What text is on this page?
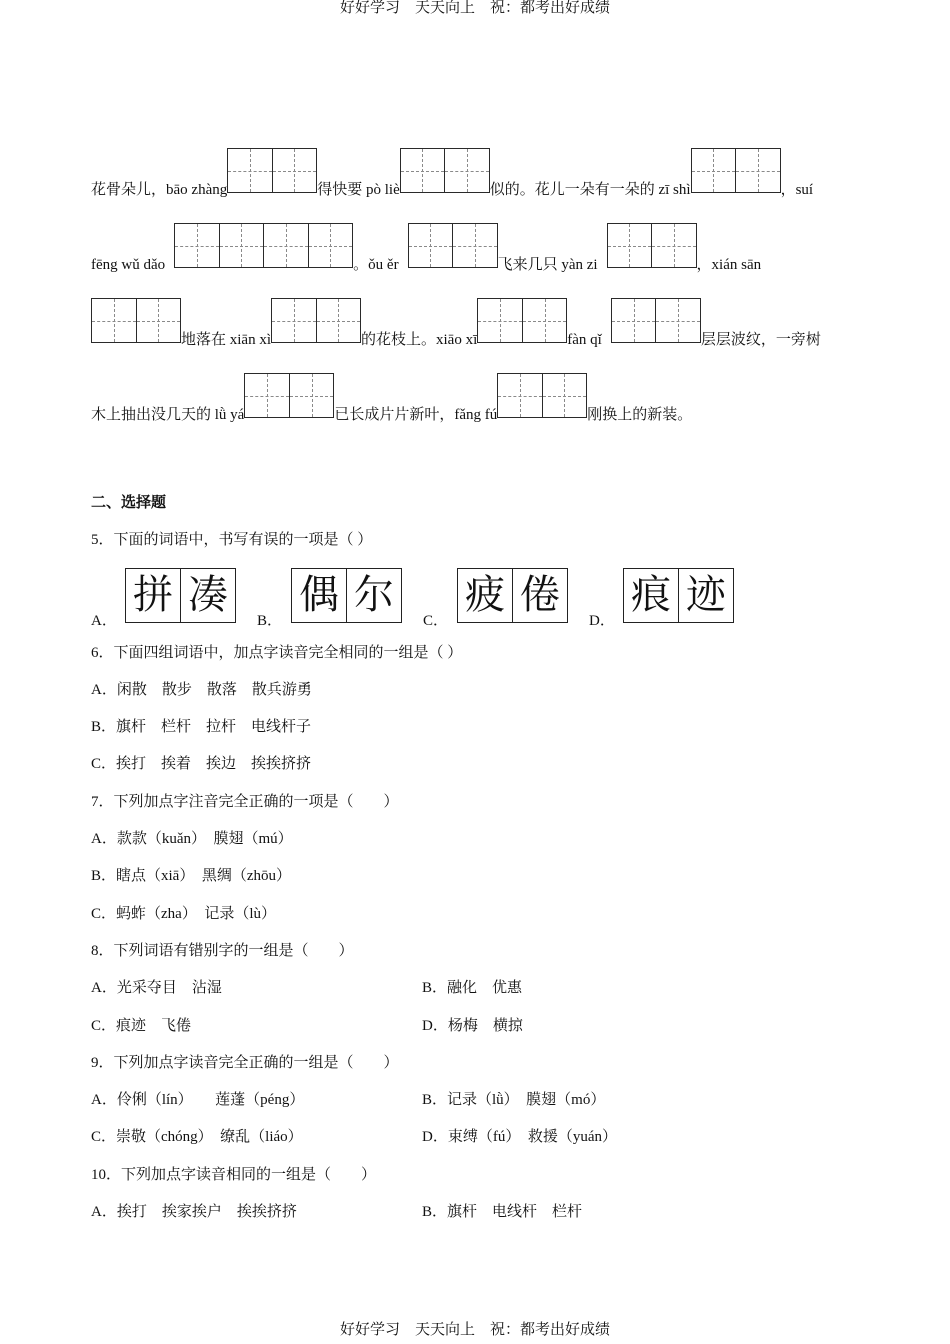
好好学习　天天向上　祝：都考出好成绩
花骨朵儿，bāo zhàng	得快要 pò liè	似的。花儿一朵有一朵的 zī shì	，suí
fēng wǔ dǎo	。ǒu ěr	飞来几只 yàn zi	，xián sān
地落在 xiān xì	的花枝上。xiāo xī	fàn qǐ	层层波纹，一旁树
木上抽出没几天的 lǜ yá	已长成片片新叶，fǎng fú	刚换上的新装。
二、选择题
5．下面的词语中，书写有误的一项是（ ）
A．
拼 凑
B．
偶 尔
C．
疲 倦
D．
痕 迹
6．下面四组词语中，加点字读音完全相同的一组是（ ）
A．闲散　散步　散落　散兵游勇
B．旗杆　栏杆　拉杆　电线杆子
C．挨打　挨着　挨边　挨挨挤挤
7．下列加点字注音完全正确的一项是（　　）
A．款款（kuǎn）　膜翅（mú）
B．瞎点（xiā）　黑绸（zhōu）
C．蚂蚱（zha）　记录（lù）
8．下列词语有错别字的一组是（　　）
A．光采夺目　沾湿	B．融化　优惠
C．痕迹　飞倦	D．杨梅　横掠
9．下列加点字读音完全正确的一组是（　　）
A．伶俐（lín）　　莲蓬（péng）	B．记录（lǜ）　膜翅（mó）
C．崇敬（chóng）　缭乱（liáo）	D．束缚（fú）　救援（yuán）
10．下列加点字读音相同的一组是（　　）
A．挨打　挨家挨户　挨挨挤挤	B．旗杆　电线杆　栏杆
好好学习　天天向上　祝：都考出好成绩
